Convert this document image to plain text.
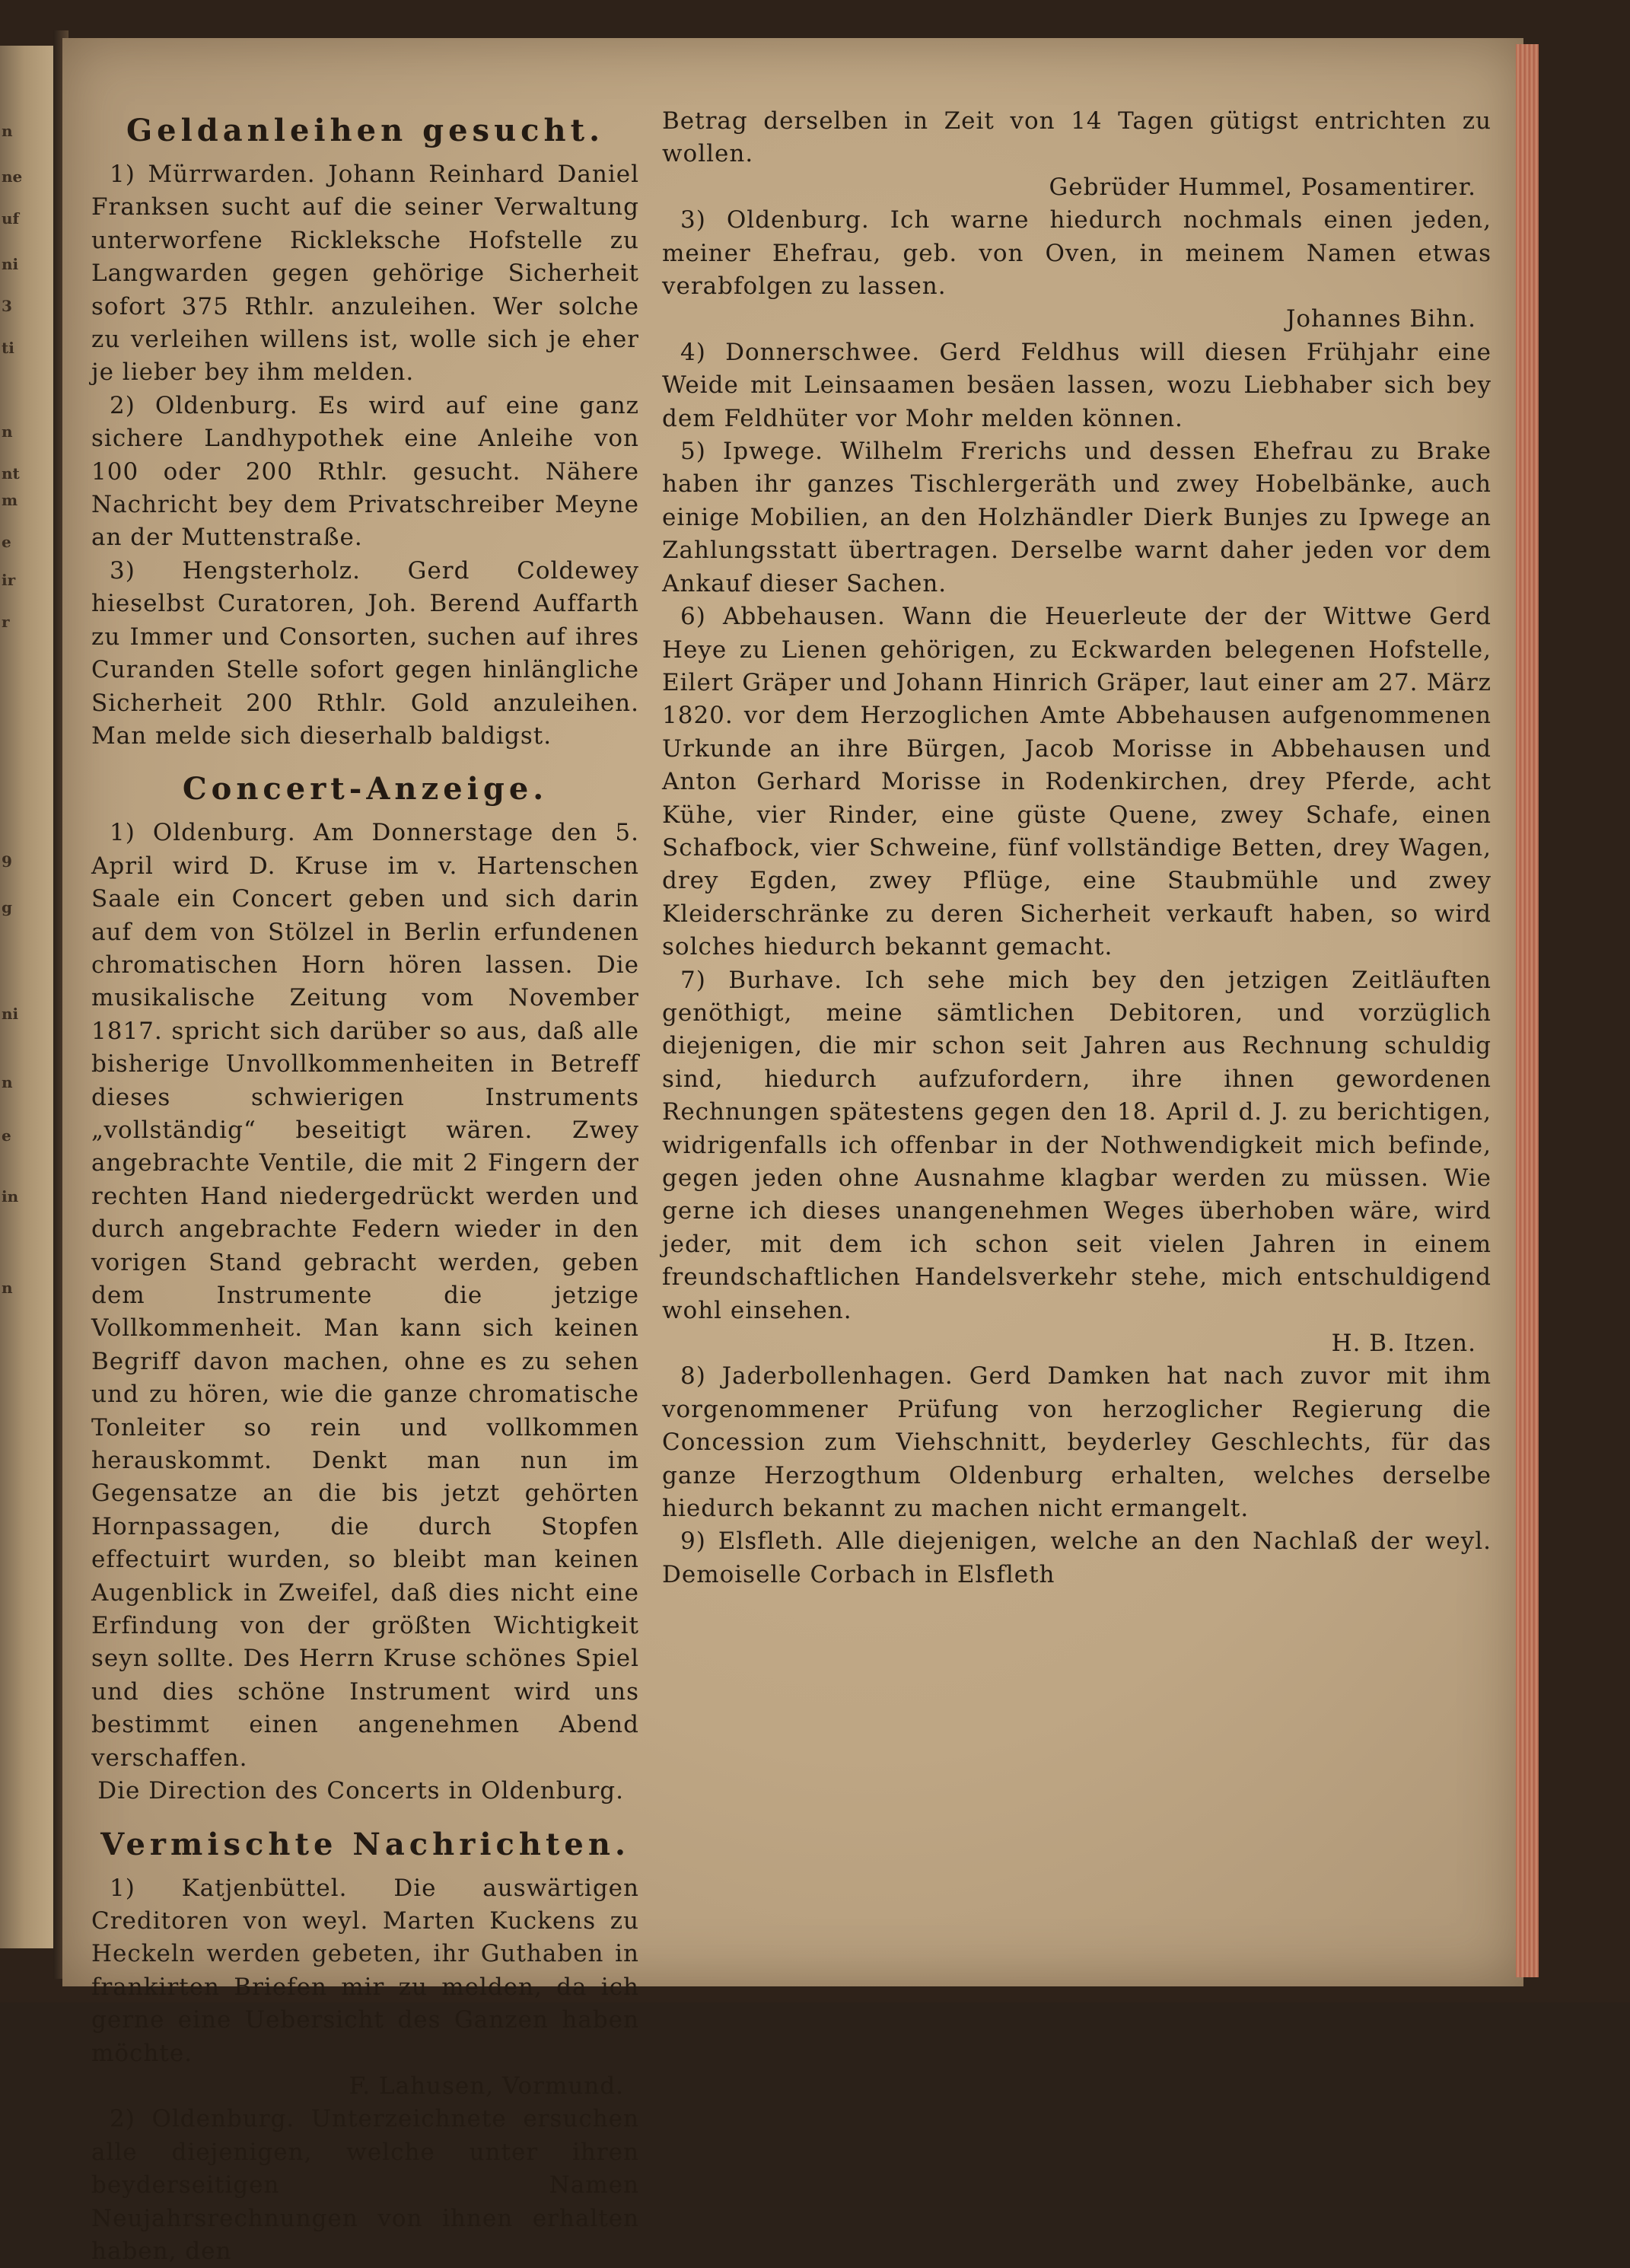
n
ne
uf
ni
3
ti
n
nt
m
e
ir
r
9
g
ni
n
e
in
n
Geldanleihen gesucht.

1) Mürrwarden. Johann Reinhard Daniel Franksen sucht auf die seiner Verwaltung unterworfene Rickleksche Hofstelle zu Langwarden gegen gehörige Sicherheit sofort 375 Rthlr. anzuleihen. Wer solche zu verleihen willens ist, wolle sich je eher je lieber bey ihm melden.

2) Oldenburg. Es wird auf eine ganz sichere Landhypothek eine Anleihe von 100 oder 200 Rthlr. gesucht. Nähere Nachricht bey dem Privatschreiber Meyne an der Muttenstraße.

3) Hengsterholz. Gerd Coldewey hieselbst Curatoren, Joh. Berend Auffarth zu Immer und Consorten, suchen auf ihres Curanden Stelle sofort gegen hinlängliche Sicherheit 200 Rthlr. Gold anzuleihen. Man melde sich dieserhalb baldigst.

Concert-Anzeige.

1) Oldenburg. Am Donnerstage den 5. April wird D. Kruse im v. Hartenschen Saale ein Concert geben und sich darin auf dem von Stölzel in Berlin erfundenen chromatischen Horn hören lassen. Die musikalische Zeitung vom November 1817. spricht sich darüber so aus, daß alle bisherige Unvollkommenheiten in Betreff dieses schwierigen Instruments „vollständig“ beseitigt wären. Zwey angebrachte Ventile, die mit 2 Fingern der rechten Hand niedergedrückt werden und durch angebrachte Federn wieder in den vorigen Stand gebracht werden, geben dem Instrumente die jetzige Vollkommenheit. Man kann sich keinen Begriff davon machen, ohne es zu sehen und zu hören, wie die ganze chromatische Tonleiter so rein und vollkommen herauskommt. Denkt man nun im Gegensatze an die bis jetzt gehörten Hornpassagen, die durch Stopfen effectuirt wurden, so bleibt man keinen Augenblick in Zweifel, daß dies nicht eine Erfindung von der größten Wichtigkeit seyn sollte. Des Herrn Kruse schönes Spiel und dies schöne Instrument wird uns bestimmt einen angenehmen Abend verschaffen.

Die Direction des Concerts in Oldenburg.

Vermischte Nachrichten.

1) Katjenbüttel. Die auswärtigen Creditoren von weyl. Marten Kuckens zu Heckeln werden gebeten, ihr Guthaben in frankirten Briefen mir zu melden, da ich gerne eine Uebersicht des Ganzen haben möchte.

F. Lahusen, Vormund.

2) Oldenburg. Unterzeichnete ersuchen alle diejenigen, welche unter ihren beyderseitigen Namen Neujahrsrechnungen von ihnen erhalten haben, den

Betrag derselben in Zeit von 14 Tagen gütigst entrichten zu wollen.

Gebrüder Hummel, Posamentirer.

3) Oldenburg. Ich warne hiedurch nochmals einen jeden, meiner Ehefrau, geb. von Oven, in meinem Namen etwas verabfolgen zu lassen.

Johannes Bihn.

4) Donnerschwee. Gerd Feldhus will diesen Frühjahr eine Weide mit Leinsaamen besäen lassen, wozu Liebhaber sich bey dem Feldhüter vor Mohr melden können.

5) Ipwege. Wilhelm Frerichs und dessen Ehefrau zu Brake haben ihr ganzes Tischlergeräth und zwey Hobelbänke, auch einige Mobilien, an den Holzhändler Dierk Bunjes zu Ipwege an Zahlungsstatt übertragen. Derselbe warnt daher jeden vor dem Ankauf dieser Sachen.

6) Abbehausen. Wann die Heuerleute der der Wittwe Gerd Heye zu Lienen gehörigen, zu Eckwarden belegenen Hofstelle, Eilert Gräper und Johann Hinrich Gräper, laut einer am 27. März 1820. vor dem Herzoglichen Amte Abbehausen aufgenommenen Urkunde an ihre Bürgen, Jacob Morisse in Abbehausen und Anton Gerhard Morisse in Rodenkirchen, drey Pferde, acht Kühe, vier Rinder, eine güste Quene, zwey Schafe, einen Schafbock, vier Schweine, fünf vollständige Betten, drey Wagen, drey Egden, zwey Pflüge, eine Staubmühle und zwey Kleiderschränke zu deren Sicherheit verkauft haben, so wird solches hiedurch bekannt gemacht.

7) Burhave. Ich sehe mich bey den jetzigen Zeitläuften genöthigt, meine sämtlichen Debitoren, und vorzüglich diejenigen, die mir schon seit Jahren aus Rechnung schuldig sind, hiedurch aufzufordern, ihre ihnen gewordenen Rechnungen spätestens gegen den 18. April d. J. zu berichtigen, widrigenfalls ich offenbar in der Nothwendigkeit mich befinde, gegen jeden ohne Ausnahme klagbar werden zu müssen. Wie gerne ich dieses unangenehmen Weges überhoben wäre, wird jeder, mit dem ich schon seit vielen Jahren in einem freundschaftlichen Handelsverkehr stehe, mich entschuldigend wohl einsehen.

H. B. Itzen.

8) Jaderbollenhagen. Gerd Damken hat nach zuvor mit ihm vorgenommener Prüfung von herzoglicher Regierung die Concession zum Viehschnitt, beyderley Geschlechts, für das ganze Herzogthum Oldenburg erhalten, welches derselbe hiedurch bekannt zu machen nicht ermangelt.

9) Elsfleth. Alle diejenigen, welche an den Nachlaß der weyl. Demoiselle Corbach in Elsfleth
